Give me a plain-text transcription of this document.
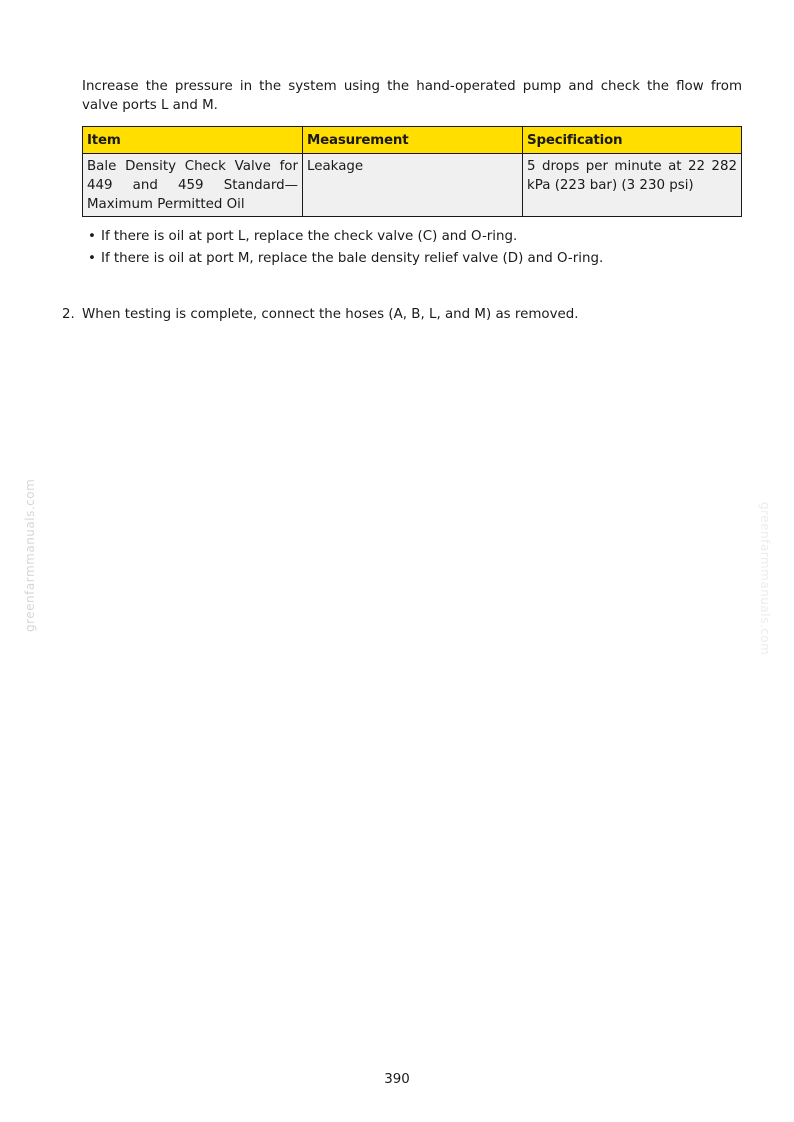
Increase the pressure in the system using the hand-operated pump and check the flow from valve ports L and M.

Item	Measurement	Specification
Bale Density Check Valve for 449 and 459 Standard—Maximum Permitted Oil	Leakage	5 drops per minute at 22 282 kPa (223 bar) (3 230 psi)
• If there is oil at port L, replace the check valve (C) and O-ring.
• If there is oil at port M, replace the bale density relief valve (D) and O-ring.
2. When testing is complete, connect the hoses (A, B, L, and M) as removed.
390
greenfarmmanuals.com	greenfarmmanuals.com
